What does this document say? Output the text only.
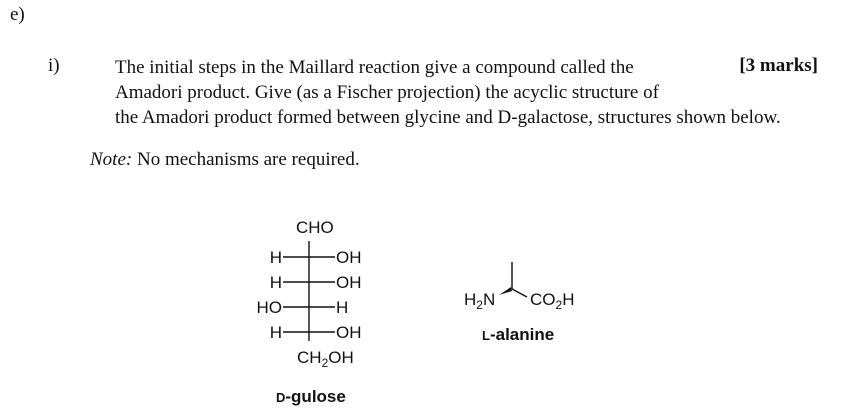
e)
i)	The initial steps in the Maillard reaction give a compound called the
Amadori product. Give (as a Fischer projection) the acyclic structure of
the Amadori product formed between glycine and D-galactose, structures shown below.
[3 marks]
Note: No mechanisms are required.
CHO
H	OH
H	OH
HO	H
H	OH
$CH_2OH$
D-gulose
$H_2N$ $CO_2H$
L-alanine
